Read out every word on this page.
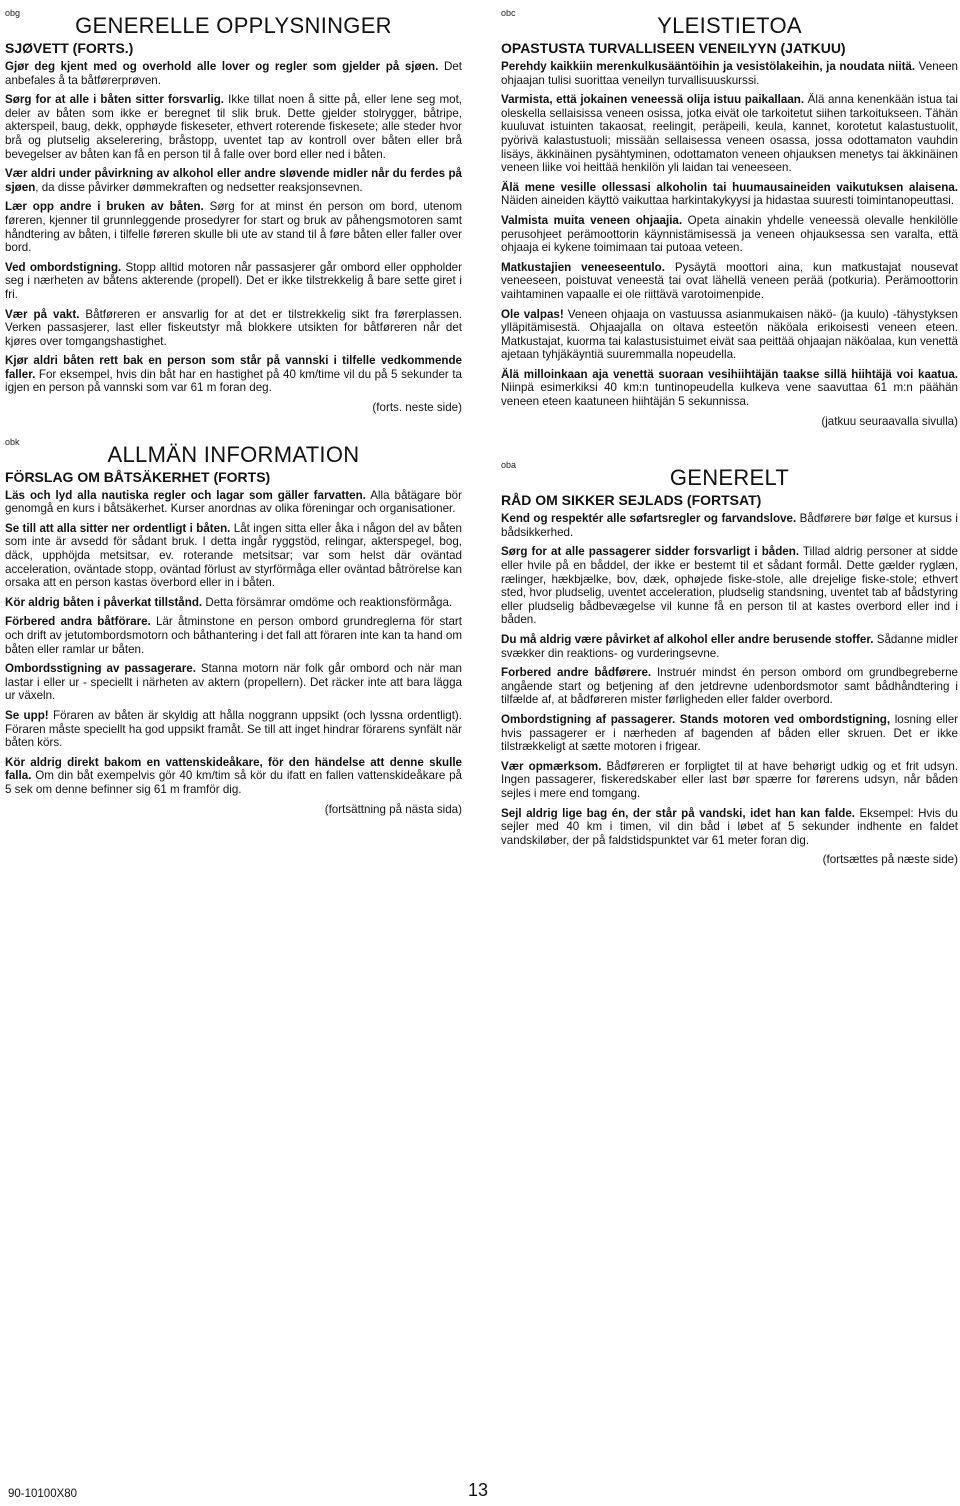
obg	GENERELLE OPPLYSNINGER
SJØVETT (FORTS.)

Gjør deg kjent med og overhold alle lover og regler som gjelder på sjøen. Det anbefales å ta båtførerprøven.

Sørg for at alle i båten sitter forsvarlig. Ikke tillat noen å sitte på, eller lene seg mot, deler av båten som ikke er beregnet til slik bruk. Dette gjelder stolrygger, båtripe, akterspeil, baug, dekk, opphøyde fiskeseter, ethvert roterende fiskesete; alle steder hvor brå og plutselig akselerering, bråstopp, uventet tap av kontroll over båten eller brå bevegelser av båten kan få en person til å falle over bord eller ned i båten.

Vær aldri under påvirkning av alkohol eller andre sløvende midler når du ferdes på sjøen, da disse påvirker dømmekraften og nedsetter reaksjonsevnen.

Lær opp andre i bruken av båten. Sørg for at minst én person om bord, utenom føreren, kjenner til grunnleggende prosedyrer for start og bruk av påhengsmotoren samt håndtering av båten, i tilfelle føreren skulle bli ute av stand til å føre båten eller faller over bord.

Ved ombordstigning. Stopp alltid motoren når passasjerer går ombord eller oppholder seg i nærheten av båtens akterende (propell). Det er ikke tilstrekkelig å bare sette giret i fri.

Vær på vakt. Båtføreren er ansvarlig for at det er tilstrekkelig sikt fra førerplassen. Verken passasjerer, last eller fiskeutstyr må blokkere utsikten for båtføreren når det kjøres over tomgangshastighet.

Kjør aldri båten rett bak en person som står på vannski i tilfelle vedkommende faller. For eksempel, hvis din båt har en hastighet på 40 km/time vil du på 5 sekunder ta igjen en person på vannski som var 61 m foran deg.

(forts. neste side)

obk	ALLMÄN INFORMATION
FÖRSLAG OM BÅTSÄKERHET (FORTS)

Läs och lyd alla nautiska regler och lagar som gäller farvatten. Alla båtägare bör genomgå en kurs i båtsäkerhet. Kurser anordnas av olika föreningar och organisationer.

Se till att alla sitter ner ordentligt i båten. Låt ingen sitta eller åka i någon del av båten som inte är avsedd för sådant bruk. I detta ingår ryggstöd, relingar, akterspegel, bog, däck, upphöjda metsitsar, ev. roterande metsitsar; var som helst där oväntad acceleration, oväntade stopp, oväntad förlust av styrförmåga eller oväntad båtrörelse kan orsaka att en person kastas överbord eller in i båten.

Kör aldrig båten i påverkat tillstånd. Detta försämrar omdöme och reaktionsförmåga.

Förbered andra båtförare. Lär åtminstone en person ombord grundreglerna för start och drift av jetutombordsmotorn och båthantering i det fall att föraren inte kan ta hand om båten eller ramlar ur båten.

Ombordsstigning av passagerare. Stanna motorn när folk går ombord och när man lastar i eller ur - speciellt i närheten av aktern (propellern). Det räcker inte att bara lägga ur växeln.

Se upp! Föraren av båten är skyldig att hålla noggrann uppsikt (och lyssna ordentligt). Föraren måste speciellt ha god uppsikt framåt. Se till att inget hindrar förarens synfält när båten körs.

Kör aldrig direkt bakom en vattenskideåkare, för den händelse att denne skulle falla. Om din båt exempelvis gör 40 km/tim så kör du ifatt en fallen vattenskideåkare på 5 sek om denne befinner sig 61 m framför dig.

(fortsättning på nästa sida)

obc	YLEISTIETOA
OPASTUSTA TURVALLISEEN VENEILYYN (JATKUU)

Perehdy kaikkiin merenkulkusääntöihin ja vesistölakeihin, ja noudata niitä. Veneen ohjaajan tulisi suorittaa veneilyn turvallisuuskurssi.

Varmista, että jokainen veneessä olija istuu paikallaan. Älä anna kenenkään istua tai oleskella sellaisissa veneen osissa, jotka eivät ole tarkoitetut siihen tarkoitukseen. Tähän kuuluvat istuinten takaosat, reelingit, peräpeili, keula, kannet, korotetut kalastustuolit, pyörivä kalastustuoli; missään sellaisessa veneen osassa, jossa odottamaton vauhdin lisäys, äkkinäinen pysähtyminen, odottamaton veneen ohjauksen menetys tai äkkinäinen veneen liike voi heittää henkilön yli laidan tai veneeseen.

Älä mene vesille ollessasi alkoholin tai huumausaineiden vaikutuksen alaisena. Näiden aineiden käyttö vaikuttaa harkintakykyysi ja hidastaa suuresti toimintanopeuttasi.

Valmista muita veneen ohjaajia. Opeta ainakin yhdelle veneessä olevalle henkilölle perusohjeet perämoottorin käynnistämisessä ja veneen ohjauksessa sen varalta, että ohjaaja ei kykene toimimaan tai putoaa veteen.

Matkustajien veneeseentulo. Pysäytä moottori aina, kun matkustajat nousevat veneeseen, poistuvat veneestä tai ovat lähellä veneen perää (potkuria). Perämoottorin vaihtaminen vapaalle ei ole riittävä varotoimenpide.

Ole valpas! Veneen ohjaaja on vastuussa asianmukaisen näkö- (ja kuulo) -tähystyksen ylläpitämisestä. Ohjaajalla on oltava esteetön näköala erikoisesti veneen eteen. Matkustajat, kuorma tai kalastusistuimet eivät saa peittää ohjaajan näköalaa, kun venettä ajetaan tyhjäkäyntiä suuremmalla nopeudella.

Älä milloinkaan aja venettä suoraan vesihiihtäjän taakse sillä hiihtäjä voi kaatua. Niinpä esimerkiksi 40 km:n tuntinopeudella kulkeva vene saavuttaa 61 m:n päähän veneen eteen kaatuneen hiihtäjän 5 sekunnissa.

(jatkuu seuraavalla sivulla)

oba	GENERELT
RÅD OM SIKKER SEJLADS (FORTSAT)

Kend og respektér alle søfartsregler og farvandslove. Bådførere bør følge et kursus i bådsikkerhed.

Sørg for at alle passagerer sidder forsvarligt i båden. Tillad aldrig personer at sidde eller hvile på en båddel, der ikke er bestemt til et sådant formål. Dette gælder ryglæn, rælinger, hækbjælke, bov, dæk, ophøjede fiske-stole, alle drejelige fiske-stole; ethvert sted, hvor pludselig, uventet acceleration, pludselig standsning, uventet tab af bådstyring eller pludselig bådbevægelse vil kunne få en person til at kastes overbord eller ind i båden.

Du må aldrig være påvirket af alkohol eller andre berusende stoffer. Sådanne midler svækker din reaktions- og vurderingsevne.

Forbered andre bådførere. Instruér mindst én person ombord om grundbegreberne angående start og betjening af den jetdrevne udenbordsmotor samt bådhåndtering i tilfælde af, at bådføreren mister førligheden eller falder overbord.

Ombordstigning af passagerer. Stands motoren ved ombordstigning, losning eller hvis passagerer er i nærheden af bagenden af båden eller skruen. Det er ikke tilstrækkeligt at sætte motoren i frigear.

Vær opmærksom. Bådføreren er forpligtet til at have behørigt udkig og et frit udsyn. Ingen passagerer, fiskeredskaber eller last bør spærre for førerens udsyn, når båden sejles i mere end tomgang.

Sejl aldrig lige bag én, der står på vandski, idet han kan falde. Eksempel: Hvis du sejler med 40 km i timen, vil din båd i løbet af 5 sekunder indhente en faldet vandskiløber, der på faldstidspunktet var 61 meter foran dig.

(fortsættes på næste side)

90-10100X80	13
